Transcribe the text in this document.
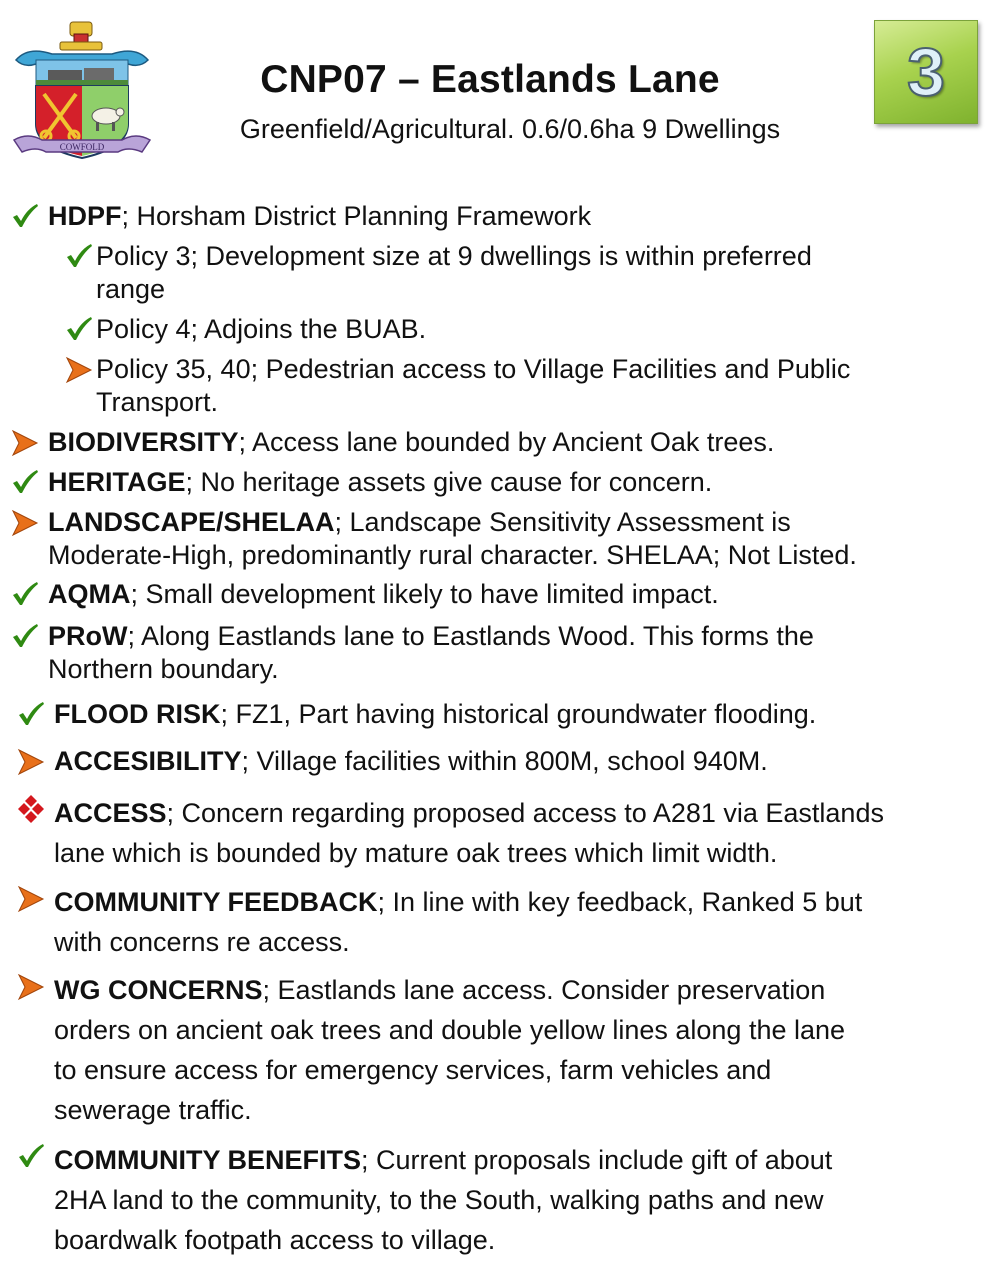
COWFOLD
CNP07 – Eastlands Lane
Greenfield/Agricultural. 0.6/0.6ha 9 Dwellings
3
HDPF; Horsham District Planning Framework
Policy 3; Development size at 9 dwellings is within preferred
range
Policy 4; Adjoins the BUAB.
Policy 35, 40; Pedestrian access to Village Facilities and Public
Transport.
BIODIVERSITY; Access lane bounded by Ancient Oak trees.
HERITAGE; No heritage assets give cause for concern.
LANDSCAPE/SHELAA; Landscape Sensitivity Assessment is
Moderate-High, predominantly rural character. SHELAA; Not Listed.
AQMA; Small development likely to have limited impact.
PRoW; Along Eastlands lane to Eastlands Wood. This forms the
Northern boundary.
FLOOD RISK; FZ1, Part having historical groundwater flooding.
ACCESIBILITY; Village facilities within 800M, school 940M.
ACCESS; Concern regarding proposed access to A281 via Eastlands
lane which is bounded by mature oak trees which limit width.
COMMUNITY FEEDBACK; In line with key feedback, Ranked 5 but
with concerns re access.
WG CONCERNS; Eastlands lane access. Consider preservation
orders on ancient oak trees and double yellow lines along the lane
to ensure access for emergency services, farm vehicles and
sewerage traffic.
COMMUNITY BENEFITS; Current proposals include gift of about
2HA land to the community, to the South, walking paths and new
boardwalk footpath access to village.
